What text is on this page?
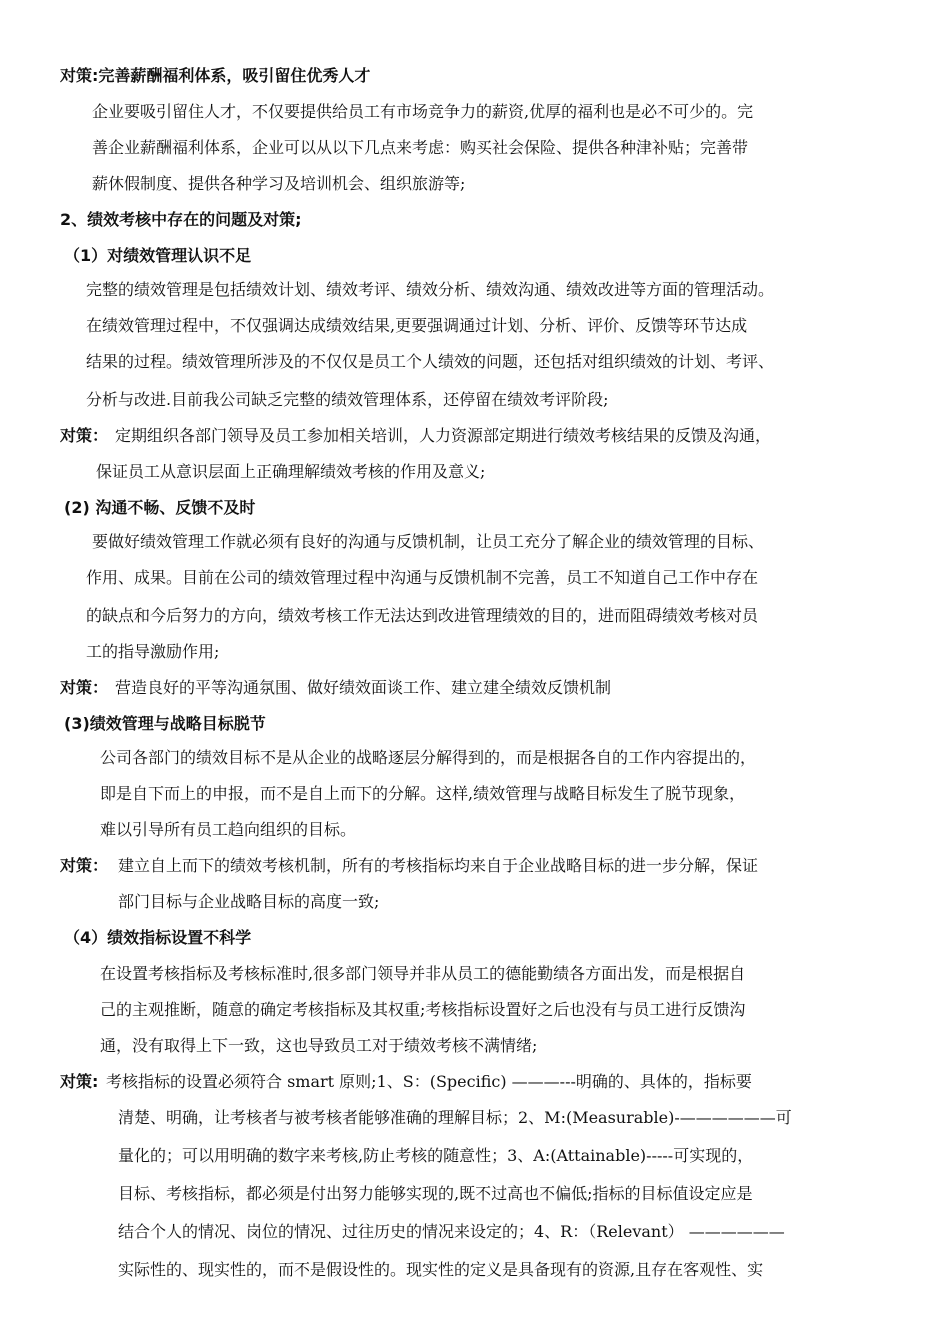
对策:完善薪酬福利体系，吸引留住优秀人才
企业要吸引留住人才，不仅要提供给员工有市场竞争力的薪资,优厚的福利也是必不可少的。完
善企业薪酬福利体系，企业可以从以下几点来考虑：购买社会保险、提供各种津补贴；完善带
薪休假制度、提供各种学习及培训机会、组织旅游等;
2、绩效考核中存在的问题及对策;
（1）对绩效管理认识不足
完整的绩效管理是包括绩效计划、绩效考评、绩效分析、绩效沟通、绩效改进等方面的管理活动。
在绩效管理过程中，不仅强调达成绩效结果,更要强调通过计划、分析、评价、反馈等环节达成
结果的过程。绩效管理所涉及的不仅仅是员工个人绩效的问题，还包括对组织绩效的计划、考评、
分析与改进.目前我公司缺乏完整的绩效管理体系，还停留在绩效考评阶段;
对策： 定期组织各部门领导及员工参加相关培训，人力资源部定期进行绩效考核结果的反馈及沟通，
保证员工从意识层面上正确理解绩效考核的作用及意义;
(2) 沟通不畅、反馈不及时
要做好绩效管理工作就必须有良好的沟通与反馈机制，让员工充分了解企业的绩效管理的目标、
作用、成果。目前在公司的绩效管理过程中沟通与反馈机制不完善，员工不知道自己工作中存在
的缺点和今后努力的方向，绩效考核工作无法达到改进管理绩效的目的，进而阻碍绩效考核对员
工的指导激励作用;
对策： 营造良好的平等沟通氛围、做好绩效面谈工作、建立建全绩效反馈机制
(3)绩效管理与战略目标脱节
公司各部门的绩效目标不是从企业的战略逐层分解得到的，而是根据各自的工作内容提出的，
即是自下而上的申报，而不是自上而下的分解。这样,绩效管理与战略目标发生了脱节现象，
难以引导所有员工趋向组织的目标。
对策： 建立自上而下的绩效考核机制，所有的考核指标均来自于企业战略目标的进一步分解，保证
部门目标与企业战略目标的高度一致;
（4）绩效指标设置不科学
在设置考核指标及考核标准时,很多部门领导并非从员工的德能勤绩各方面出发，而是根据自
己的主观推断，随意的确定考核指标及其权重;考核指标设置好之后也没有与员工进行反馈沟
通，没有取得上下一致，这也导致员工对于绩效考核不满情绪;
对策: 考核指标的设置必须符合 smart 原则;1、S：(Specific) ———---明确的、具体的，指标要
清楚、明确，让考核者与被考核者能够准确的理解目标；2、M:(Measurable)-——————可
量化的；可以用明确的数字来考核,防止考核的随意性；3、A:(Attainable)-----可实现的，
目标、考核指标，都必须是付出努力能够实现的,既不过高也不偏低;指标的目标值设定应是
结合个人的情况、岗位的情况、过往历史的情况来设定的；4、R：（Relevant） ——————
实际性的、现实性的，而不是假设性的。现实性的定义是具备现有的资源,且存在客观性、实
